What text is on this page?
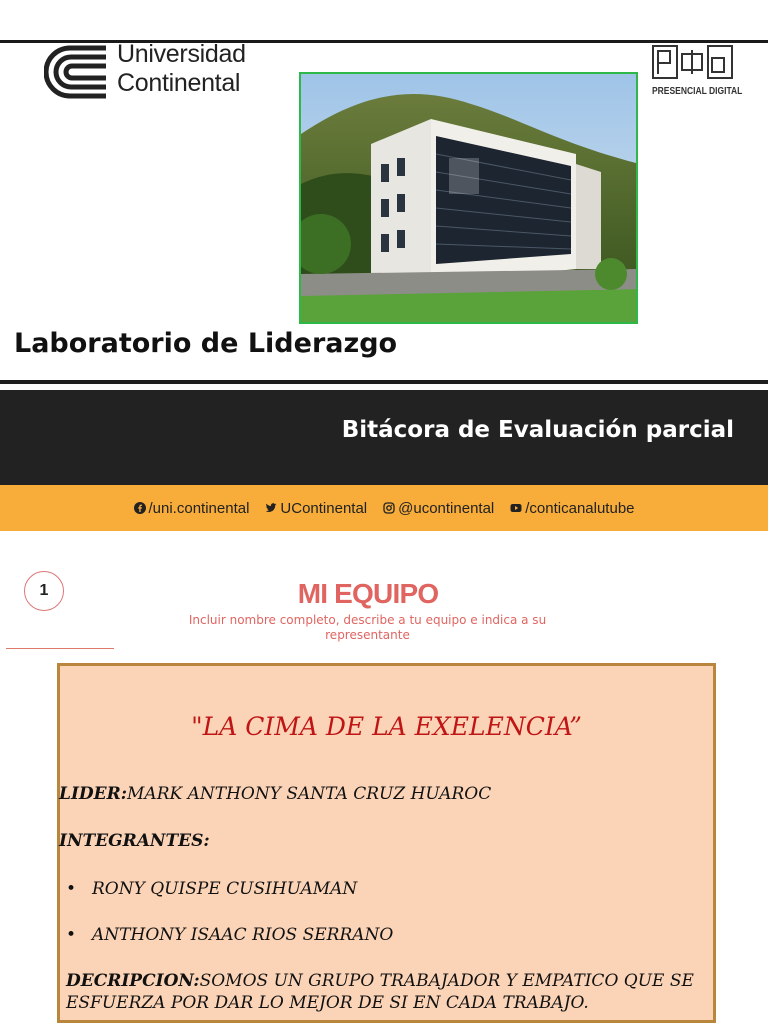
Universidad
Continental	PRESENCIAL DIGITAL
Laboratorio de Liderazgo
Bitácora de Evaluación parcial
/uni.continental UContinental @ucontinental /conticanalutube
1	MI EQUIPO
Incluir nombre completo, describe a tu equipo e indica a su representante
"LA CIMA DE LA EXELENCIA”
LIDER:MARK ANTHONY SANTA CRUZ HUAROC
INTEGRANTES:
• RONY QUISPE CUSIHUAMAN
• ANTHONY ISAAC RIOS SERRANO
DECRIPCION:SOMOS UN GRUPO TRABAJADOR Y EMPATICO QUE SE ESFUERZA POR DAR LO MEJOR DE SI EN CADA TRABAJO.
